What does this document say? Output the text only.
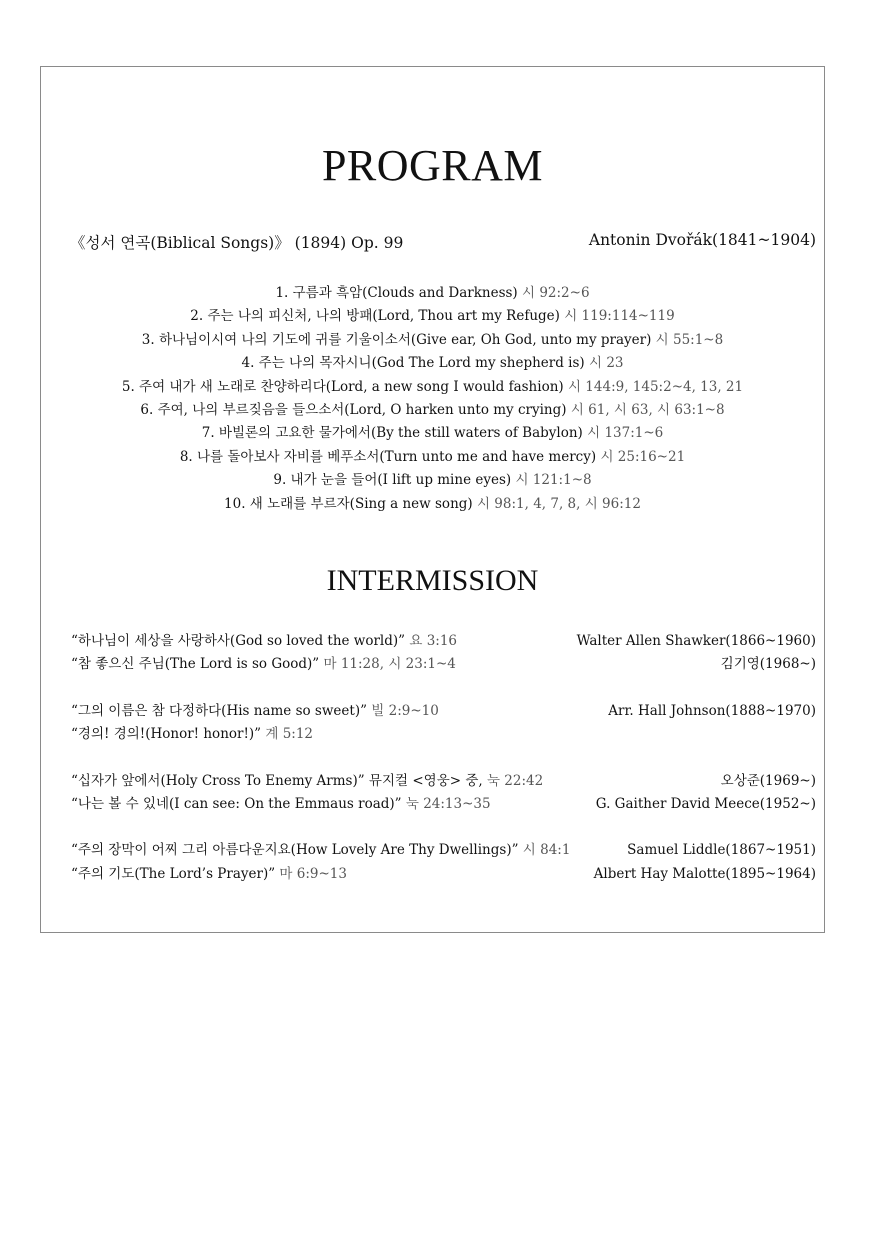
PROGRAM
《성서 연곡(Biblical Songs)》 (1894) Op. 99	Antonin Dvořák(1841~1904)
1. 구름과 흑암(Clouds and Darkness) 시 92:2~6
2. 주는 나의 피신처, 나의 방패(Lord, Thou art my Refuge) 시 119:114~119
3. 하나님이시여 나의 기도에 귀를 기울이소서(Give ear, Oh God, unto my prayer) 시 55:1~8
4. 주는 나의 목자시니(God The Lord my shepherd is) 시 23
5. 주여 내가 새 노래로 찬양하리다(Lord, a new song I would fashion) 시 144:9, 145:2~4, 13, 21
6. 주여, 나의 부르짖음을 들으소서(Lord, O harken unto my crying) 시 61, 시 63, 시 63:1~8
7. 바빌론의 고요한 물가에서(By the still waters of Babylon) 시 137:1~6
8. 나를 돌아보사 자비를 베푸소서(Turn unto me and have mercy) 시 25:16~21
9. 내가 눈을 들어(I lift up mine eyes) 시 121:1~8
10. 새 노래를 부르자(Sing a new song) 시 98:1, 4, 7, 8, 시 96:12
INTERMISSION
“하나님이 세상을 사랑하사(God so loved the world)” 요 3:16	Walter Allen Shawker(1866~1960)
“참 좋으신 주님(The Lord is so Good)” 마 11:28, 시 23:1~4	김기영(1968~)
“그의 이름은 참 다정하다(His name so sweet)” 빌 2:9~10	Arr. Hall Johnson(1888~1970)
“경의! 경의!(Honor! honor!)” 계 5:12
“십자가 앞에서(Holy Cross To Enemy Arms)” 뮤지컬 <영웅> 중, 눅 22:42	오상준(1969~)
“나는 볼 수 있네(I can see: On the Emmaus road)” 눅 24:13~35	G. Gaither David Meece(1952~)
“주의 장막이 어찌 그리 아름다운지요(How Lovely Are Thy Dwellings)” 시 84:1	Samuel Liddle(1867~1951)
“주의 기도(The Lord’s Prayer)” 마 6:9~13	Albert Hay Malotte(1895~1964)
